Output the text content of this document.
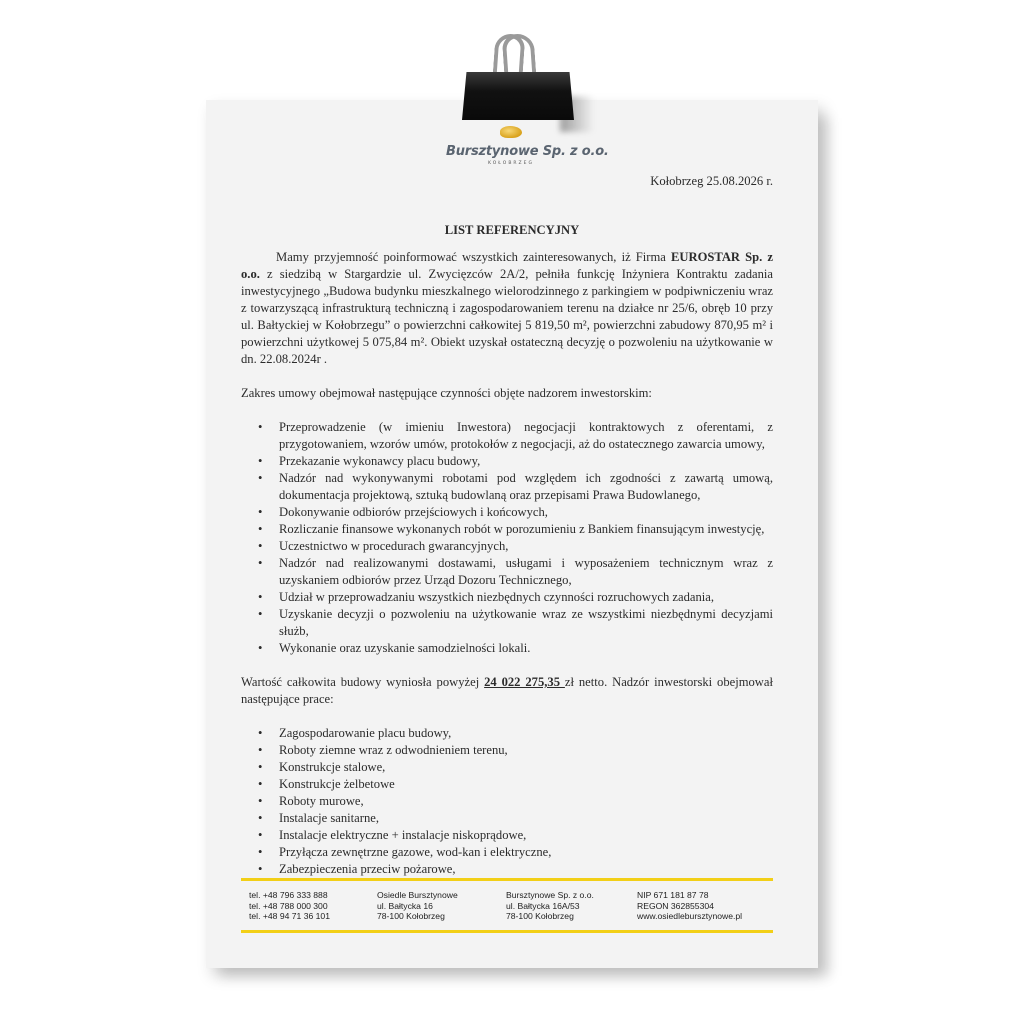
Bursztynowe Sp. z o.o.
KOŁOBRZEG
Kołobrzeg 25.08.2026 r.
LIST REFERENCYJNY

Mamy przyjemność poinformować wszystkich zainteresowanych, iż Firma EUROSTAR Sp. z o.o. z siedzibą w Stargardzie ul. Zwycięzców 2A/2, pełniła funkcję Inżyniera Kontraktu zadania inwestycyjnego „Budowa budynku mieszkalnego wielorodzinnego z parkingiem w podpiwniczeniu wraz z towarzyszącą infrastrukturą techniczną i zagospodarowaniem terenu na działce nr 25/6, obręb 10 przy ul. Bałtyckiej w Kołobrzegu” o powierzchni całkowitej 5 819,50 m², powierzchni zabudowy 870,95 m² i powierzchni użytkowej 5 075,84 m². Obiekt uzyskał ostateczną decyzję o pozwoleniu na użytkowanie w dn. 22.08.2024r .

Zakres umowy obejmował następujące czynności objęte nadzorem inwestorskim:

• Przeprowadzenie (w imieniu Inwestora) negocjacji kontraktowych z oferentami, z przygotowaniem, wzorów umów, protokołów z negocjacji, aż do ostatecznego zawarcia umowy,
• Przekazanie wykonawcy placu budowy,
• Nadzór nad wykonywanymi robotami pod względem ich zgodności z zawartą umową, dokumentacja projektową, sztuką budowlaną oraz przepisami Prawa Budowlanego,
• Dokonywanie odbiorów przejściowych i końcowych,
• Rozliczanie finansowe wykonanych robót w porozumieniu z Bankiem finansującym inwestycję,
• Uczestnictwo w procedurach gwarancyjnych,
• Nadzór nad realizowanymi dostawami, usługami i wyposażeniem technicznym wraz z uzyskaniem odbiorów przez Urząd Dozoru Technicznego,
• Udział w przeprowadzaniu wszystkich niezbędnych czynności rozruchowych zadania,
• Uzyskanie decyzji o pozwoleniu na użytkowanie wraz ze wszystkimi niezbędnymi decyzjami służb,
• Wykonanie oraz uzyskanie samodzielności lokali.

Wartość całkowita budowy wyniosła powyżej 24 022 275,35 zł netto. Nadzór inwestorski obejmował następujące prace:

• Zagospodarowanie placu budowy,
• Roboty ziemne wraz z odwodnieniem terenu,
• Konstrukcje stalowe,
• Konstrukcje żelbetowe
• Roboty murowe,
• Instalacje sanitarne,
• Instalacje elektryczne + instalacje niskoprądowe,
• Przyłącza zewnętrzne gazowe, wod-kan i elektryczne,
• Zabezpieczenia przeciw pożarowe,
tel. +48 796 333 888
tel. +48 788 000 300
tel. +48 94 71 36 101
Osiedle Bursztynowe
ul. Bałtycka 16
78-100 Kołobrzeg
Bursztynowe Sp. z o.o.
ul. Bałtycka 16A/53
78-100 Kołobrzeg
NIP 671 181 87 78
REGON 362855304
www.osiedlebursztynowe.pl
